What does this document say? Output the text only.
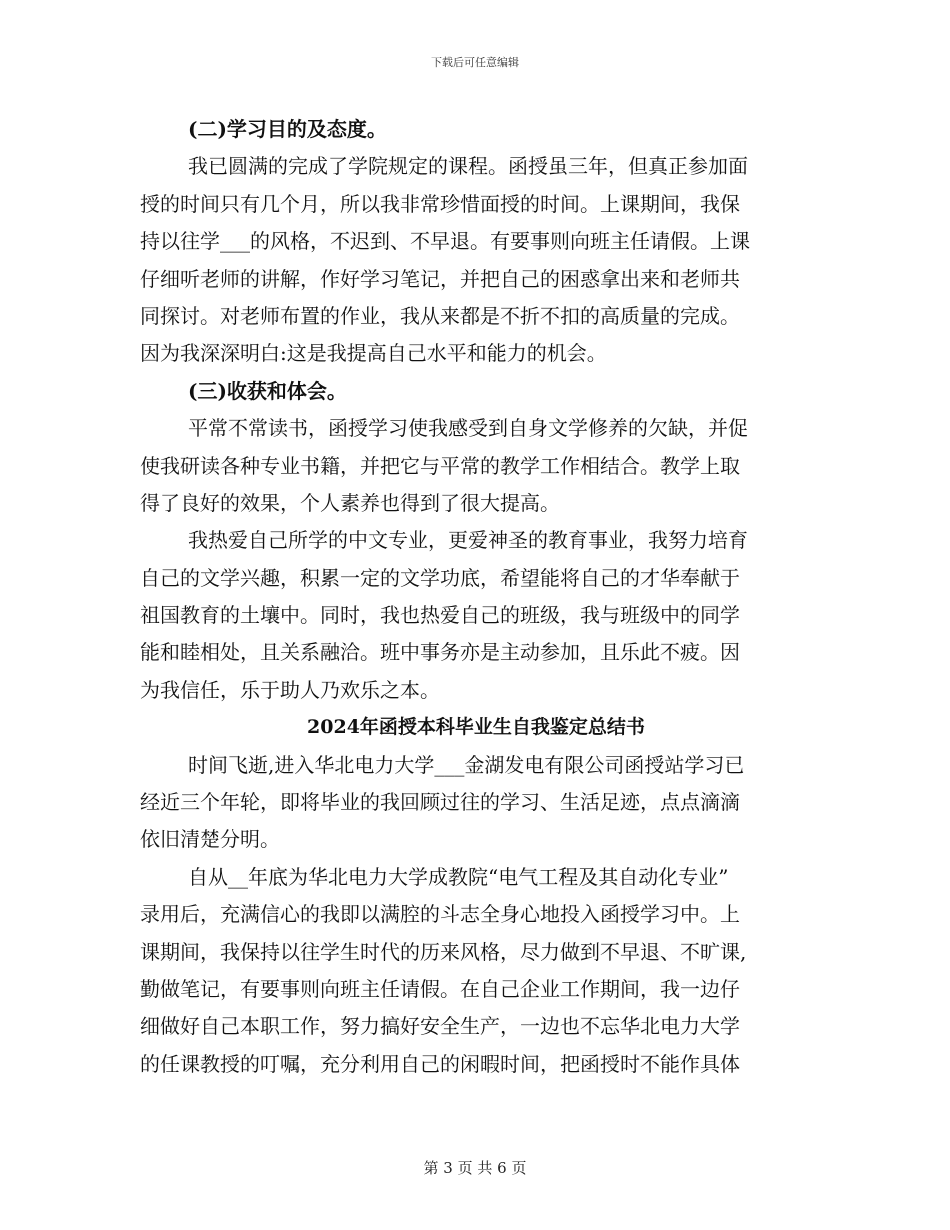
下载后可任意编辑
(二)学习目的及态度。
我已圆满的完成了学院规定的课程。函授虽三年，但真正参加面
授的时间只有几个月，所以我非常珍惜面授的时间。上课期间，我保
持以往学___的风格，不迟到、不早退。有要事则向班主任请假。上课
仔细听老师的讲解，作好学习笔记，并把自己的困惑拿出来和老师共
同探讨。对老师布置的作业，我从来都是不折不扣的高质量的完成。
因为我深深明白:这是我提高自己水平和能力的机会。
(三)收获和体会。
平常不常读书，函授学习使我感受到自身文学修养的欠缺，并促
使我研读各种专业书籍，并把它与平常的教学工作相结合。教学上取
得了良好的效果，个人素养也得到了很大提高。
我热爱自己所学的中文专业，更爱神圣的教育事业，我努力培育
自己的文学兴趣，积累一定的文学功底，希望能将自己的才华奉献于
祖国教育的土壤中。同时，我也热爱自己的班级，我与班级中的同学
能和睦相处，且关系融洽。班中事务亦是主动参加，且乐此不疲。因
为我信任，乐于助人乃欢乐之本。
2024年函授本科毕业生自我鉴定总结书
时间飞逝,进入华北电力大学___金湖发电有限公司函授站学习已
经近三个年轮，即将毕业的我回顾过往的学习、生活足迹，点点滴滴
依旧清楚分明。
自从__年底为华北电力大学成教院“电气工程及其自动化专业”
录用后，充满信心的我即以满腔的斗志全身心地投入函授学习中。上
课期间，我保持以往学生时代的历来风格，尽力做到不早退、不旷课,
勤做笔记，有要事则向班主任请假。在自己企业工作期间，我一边仔
细做好自己本职工作，努力搞好安全生产，一边也不忘华北电力大学
的任课教授的叮嘱，充分利用自己的闲暇时间，把函授时不能作具体
第 3 页 共 6 页
